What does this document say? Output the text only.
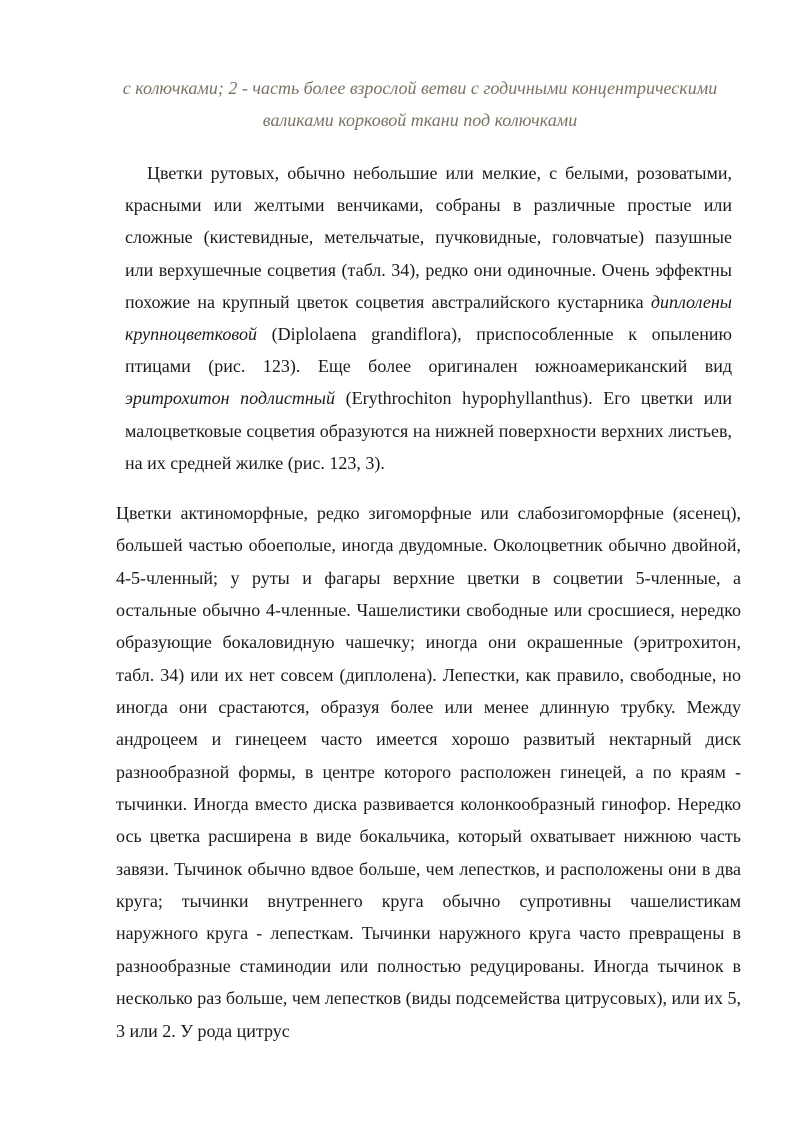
с колючками; 2 - часть более взрослой ветви с годичными концентрическими валиками корковой ткани под колючками

Цветки рутовых, обычно небольшие или мелкие, с белыми, розоватыми, красными или желтыми венчиками, собраны в различные простые или сложные (кистевидные, метельчатые, пучковидные, головчатые) пазушные или верхушечные соцветия (табл. 34), редко они одиночные. Очень эффектны похожие на крупный цветок соцветия австралийского кустарника диплолены крупноцветковой (Diplolaena grandiflora), приспособленные к опылению птицами (рис. 123). Еще более оригинален южноамериканский вид эритрохитон подлистный (Erythrochiton hypophyllanthus). Его цветки или малоцветковые соцветия образуются на нижней поверхности верхних листьев, на их средней жилке (рис. 123, 3).

Цветки актиноморфные, редко зигоморфные или слабозигоморфные (ясенец), большей частью обоеполые, иногда двудомные. Околоцветник обычно двойной, 4-5-членный; у руты и фагары верхние цветки в соцветии 5-членные, а остальные обычно 4-членные. Чашелистики свободные или сросшиеся, нередко образующие бокаловидную чашечку; иногда они окрашенные (эритрохитон, табл. 34) или их нет совсем (диплолена). Лепестки, как правило, свободные, но иногда они срастаются, образуя более или менее длинную трубку. Между андроцеем и гинецеем часто имеется хорошо развитый нектарный диск разнообразной формы, в центре которого расположен гинецей, а по краям - тычинки. Иногда вместо диска развивается колонкообразный гинофор. Нередко ось цветка расширена в виде бокальчика, который охватывает нижнюю часть завязи. Тычинок обычно вдвое больше, чем лепестков, и расположены они в два круга; тычинки внутреннего круга обычно супротивны чашелистикам наружного круга - лепесткам. Тычинки наружного круга часто превращены в разнообразные стаминодии или полностью редуцированы. Иногда тычинок в несколько раз больше, чем лепестков (виды подсемейства цитрусовых), или их 5, 3 или 2. У рода цитрус
